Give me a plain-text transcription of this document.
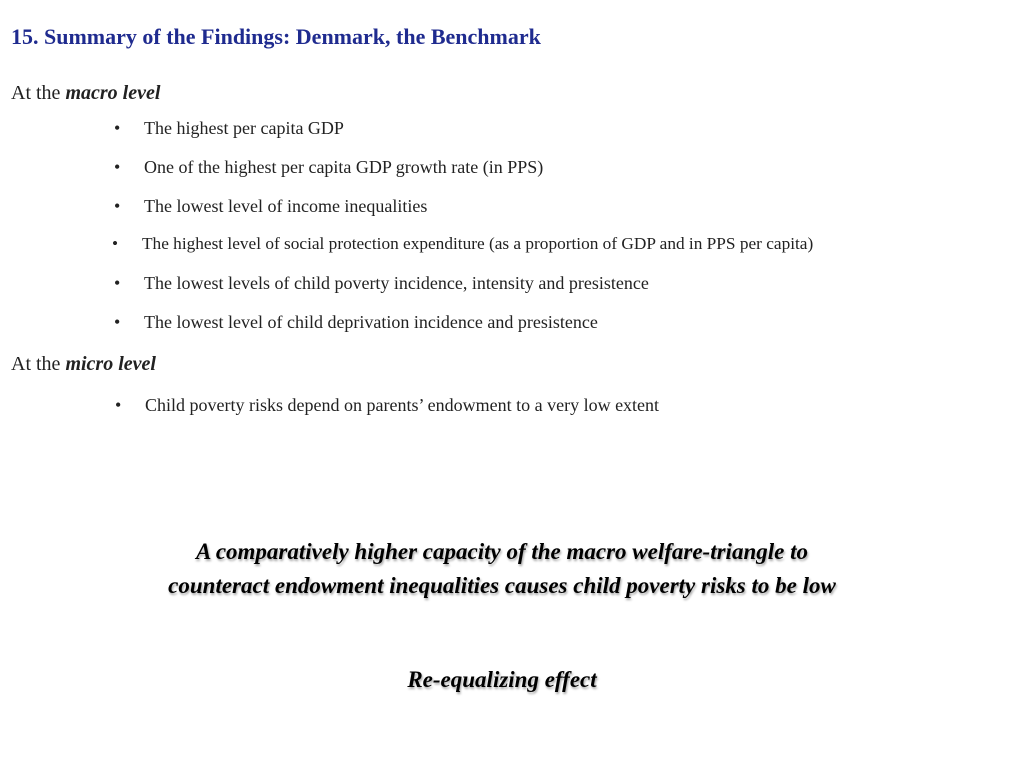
15. Summary of the Findings: Denmark, the Benchmark
At the macro level
• The highest per capita GDP
• One of the highest per capita GDP growth rate (in PPS)
• The lowest level of income inequalities
• The highest level of social protection expenditure (as a proportion of GDP and in PPS per capita)
• The lowest levels of child poverty incidence, intensity and presistence
• The lowest level of child deprivation incidence and presistence
At the micro level
• Child poverty risks depend on parents’ endowment to a very low extent
A comparatively higher capacity of the macro welfare-triangle to
counteract endowment inequalities causes child poverty risks to be low
Re-equalizing effect
